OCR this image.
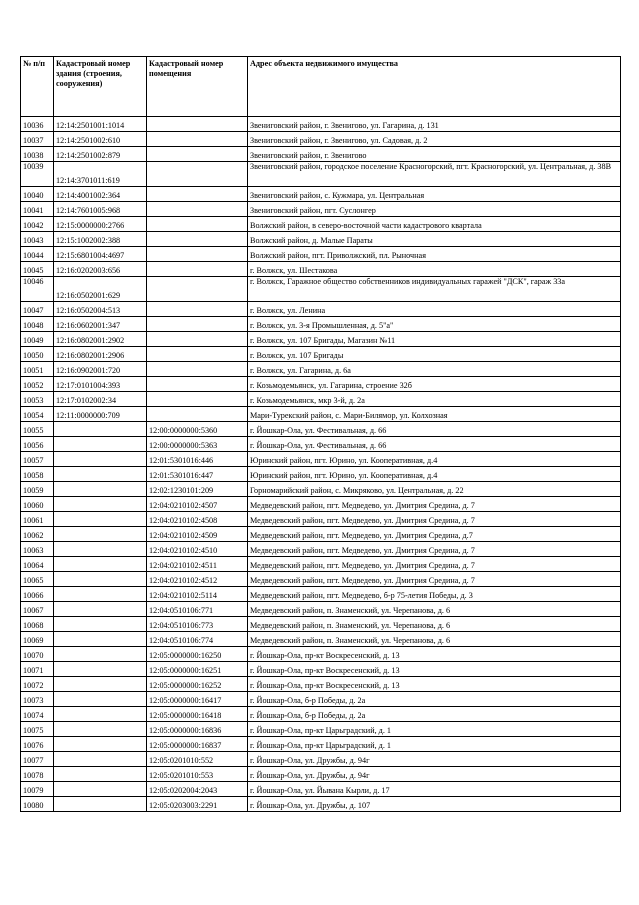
№ п/п	Кадастровый номер здания (строения, сооружения)	Кадастровый номер помещения	Адрес объекта недвижимого имущества
10036	12:14:2501001:1014		Звениговский район, г. Звенигово, ул. Гагарина, д. 131
10037	12:14:2501002:610		Звениговский район, г. Звенигово, ул. Садовая, д. 2
10038	12:14:2501002:879		Звениговский район, г. Звенигово
10039	12:14:3701011:619		Звениговский район, городское поселение Красногорский, пгт. Красногорский, ул. Центральная, д. 38В
10040	12:14:4001002:364		Звениговский район, с. Кужмара, ул. Центральная
10041	12:14:7601005:968		Звениговский район, пгт. Суслонгер
10042	12:15:0000000:2766		Волжский район, в северо-восточной части кадастрового квартала
10043	12:15:1002002:388		Волжский район, д. Малые Параты
10044	12:15:6801004:4697		Волжский район, пгт. Приволжский, пл. Рыночная
10045	12:16:0202003:656		г. Волжск, ул. Шестакова
10046	12:16:0502001:629		г. Волжск, Гаражное общество собственников индивидуальных гаражей "ДСК", гараж 33а
10047	12:16:0502004:513		г. Волжск, ул. Ленина
10048	12:16:0602001:347		г. Волжск, ул. 3-я Промышленная, д. 5"а"
10049	12:16:0802001:2902		г. Волжск, ул. 107 Бригады, Магазин №11
10050	12:16:0802001:2906		г. Волжск, ул. 107 Бригады
10051	12:16:0902001:720		г. Волжск, ул. Гагарина, д. 6а
10052	12:17:0101004:393		г. Козьмодемьянск, ул. Гагарина, строение 32б
10053	12:17:0102002:34		г. Козьмодемьянск, мкр 3-й, д. 2а
10054	12:11:0000000:709		Мари-Турекский район, с. Мари-Билямор, ул. Колхозная
10055		12:00:0000000:5360	г. Йошкар-Ола, ул. Фестивальная, д. 66
10056		12:00:0000000:5363	г. Йошкар-Ола, ул. Фестивальная, д. 66
10057		12:01:5301016:446	Юринский район, пгт. Юрино, ул. Кооперативная, д.4
10058		12:01:5301016:447	Юринский район, пгт. Юрино, ул. Кооперативная, д.4
10059		12:02:1230101:209	Горномарийский район, с. Микряково, ул. Центральная, д. 22
10060		12:04:0210102:4507	Медведевский район, пгт. Медведево, ул. Дмитрия Средина, д. 7
10061		12:04:0210102:4508	Медведевский район, пгт. Медведево, ул. Дмитрия Средина, д. 7
10062		12:04:0210102:4509	Медведевский район, пгт. Медведево, ул. Дмитрия Средина, д.7
10063		12:04:0210102:4510	Медведевский район, пгт. Медведево, ул. Дмитрия Средина, д. 7
10064		12:04:0210102:4511	Медведевский район, пгт. Медведево, ул. Дмитрия Средина, д. 7
10065		12:04:0210102:4512	Медведевский район, пгт. Медведево, ул. Дмитрия Средина, д. 7
10066		12:04:0210102:5114	Медведевский район, пгт. Медведево, б-р 75-летия Победы, д. 3
10067		12:04:0510106:771	Медведевский район, п. Знаменский, ул. Черепанова, д. 6
10068		12:04:0510106:773	Медведевский район, п. Знаменский, ул. Черепанова, д. 6
10069		12:04:0510106:774	Медведевский район, п. Знаменский, ул. Черепанова, д. 6
10070		12:05:0000000:16250	г. Йошкар-Ола, пр-кт Воскресенский, д. 13
10071		12:05:0000000:16251	г. Йошкар-Ола, пр-кт Воскресенский, д. 13
10072		12:05:0000000:16252	г. Йошкар-Ола, пр-кт Воскресенский, д. 13
10073		12:05:0000000:16417	г. Йошкар-Ола, б-р Победы, д. 2а
10074		12:05:0000000:16418	г. Йошкар-Ола, б-р Победы, д. 2а
10075		12:05:0000000:16836	г. Йошкар-Ола, пр-кт Царьградский, д. 1
10076		12:05:0000000:16837	г. Йошкар-Ола, пр-кт Царьградский, д. 1
10077		12:05:0201010:552	г. Йошкар-Ола, ул. Дружбы, д. 94г
10078		12:05:0201010:553	г. Йошкар-Ола, ул. Дружбы, д. 94г
10079		12:05:0202004:2043	г. Йошкар-Ола, ул. Йывана Кырли, д. 17
10080		12:05:0203003:2291	г. Йошкар-Ола, ул. Дружбы, д. 107
